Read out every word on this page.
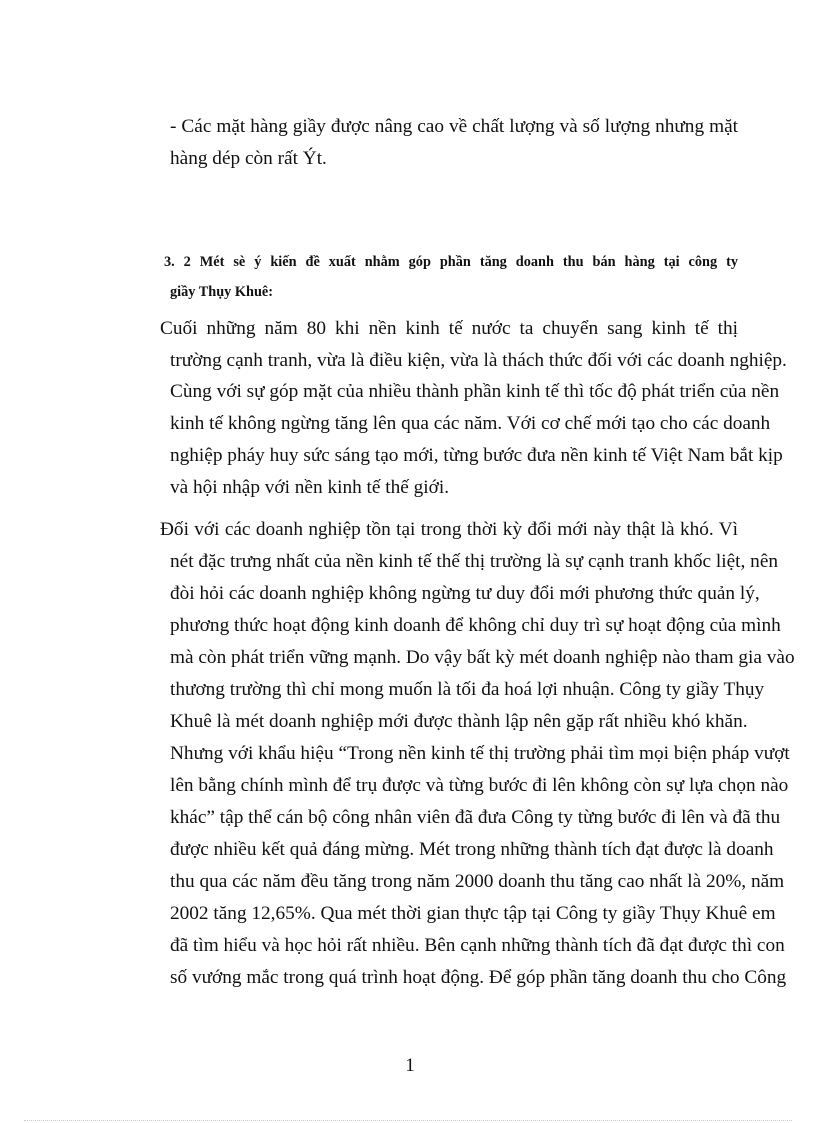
- Các mặt hàng giầy được nâng cao về chất lượng và số lượng nhưng mặt
hàng dép còn rất Ýt.
3. 2 Mét sè ý kiến đề xuất nhằm góp phần tăng doanh thu bán hàng tại công ty
giầy Thụy Khuê:
Cuối những năm 80 khi nền kinh tế nước ta chuyển sang kinh tế thị
trường cạnh tranh, vừa là điều kiện, vừa là thách thức đối với các doanh nghiệp.
Cùng với sự góp mặt của nhiều thành phần kinh tế thì tốc độ phát triển của nền
kinh tế không ngừng tăng lên qua các năm. Với cơ chế mới tạo cho các doanh
nghiệp pháy huy sức sáng tạo mới, từng bước đưa nền kinh tế Việt Nam bắt kịp
và hội nhập với nền kinh tế thế giới.
Đối với các doanh nghiệp tồn tại trong thời kỳ đổi mới này thật là khó. Vì
nét đặc trưng nhất của nền kinh tế thế thị trường là sự cạnh tranh khốc liệt, nên
đòi hỏi các doanh nghiệp không ngừng tư duy đổi mới phương thức quản lý,
phương thức hoạt động kinh doanh để không chỉ duy trì sự hoạt động của mình
mà còn phát triển vững mạnh. Do vậy bất kỳ mét doanh nghiệp nào tham gia vào
thương trường thì chỉ mong muốn là tối đa hoá lợi nhuận. Công ty giầy Thụy
Khuê là mét doanh nghiệp mới được thành lập nên gặp rất nhiều khó khăn.
Nhưng với khẩu hiệu “Trong nền kinh tế thị trường phải tìm mọi biện pháp vượt
lên bằng chính mình để trụ được và từng bước đi lên không còn sự lựa chọn nào
khác” tập thể cán bộ công nhân viên đã đưa Công ty từng bước đi lên và đã thu
được nhiều kết quả đáng mừng. Mét trong những thành tích đạt được là doanh
thu qua các năm đều tăng trong năm 2000 doanh thu tăng cao nhất là 20%, năm
2002 tăng 12,65%. Qua mét thời gian thực tập tại Công ty giầy Thụy Khuê em
đã tìm hiểu và học hỏi rất nhiều. Bên cạnh những thành tích đã đạt được thì con
số vướng mắc trong quá trình hoạt động. Để góp phần tăng doanh thu cho Công
1
